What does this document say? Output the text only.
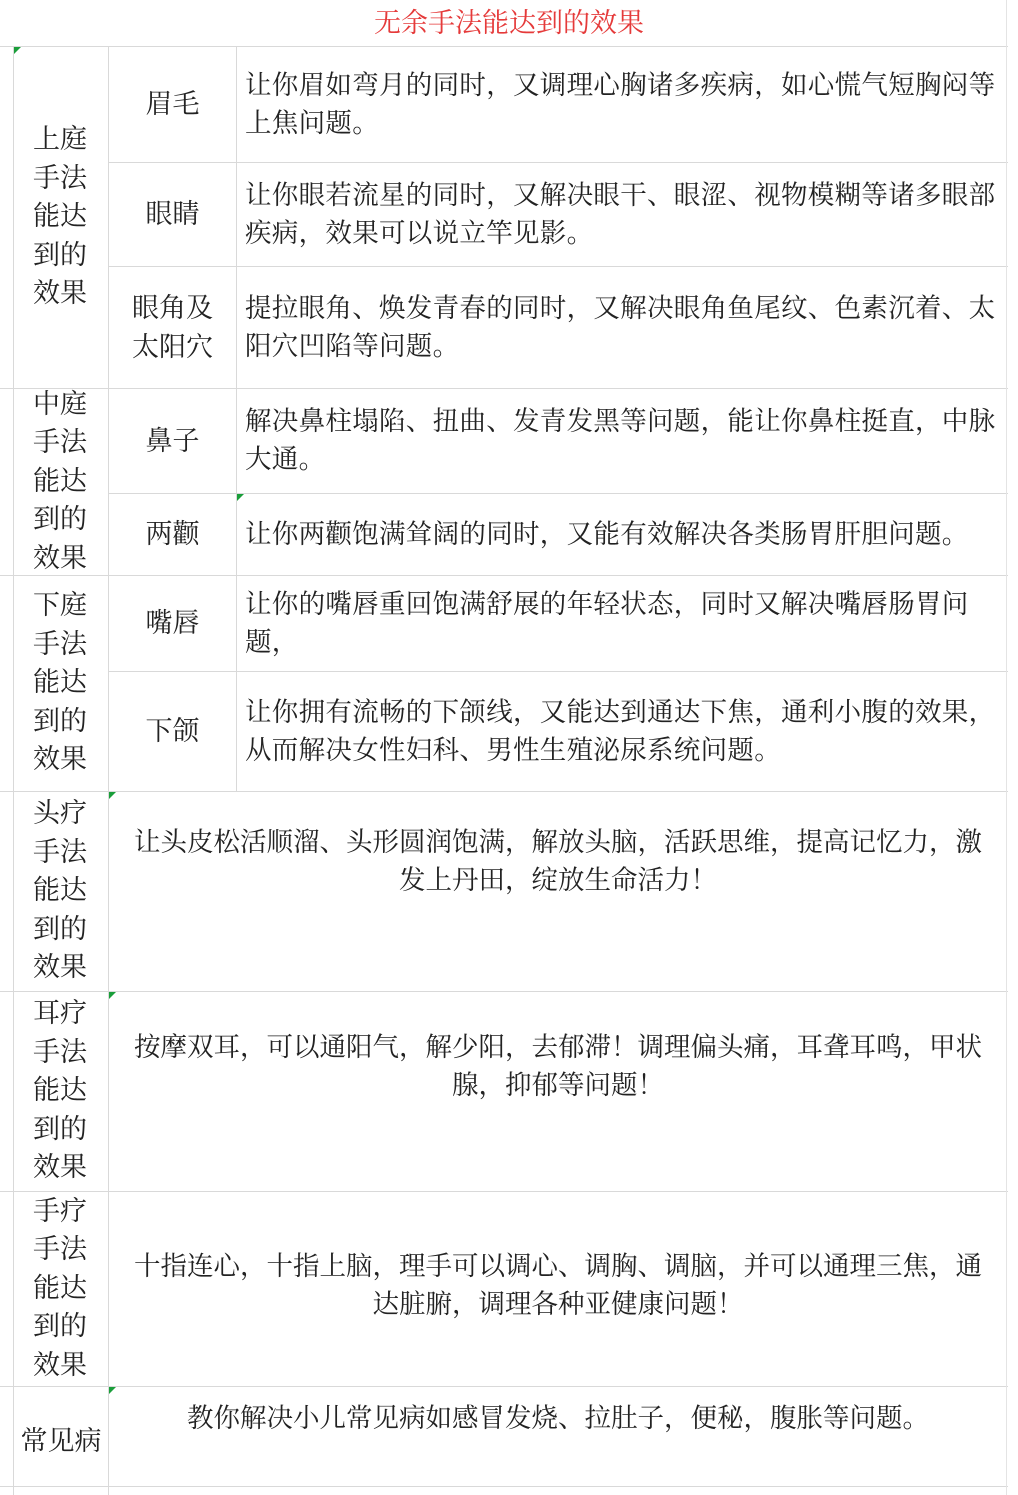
无余手法能达到的效果
上庭手法能达到的效果
眉毛
让你眉如弯月的同时，又调理心胸诸多疾病，如心慌气短胸闷等上焦问题。
眼睛
让你眼若流星的同时，又解决眼干、眼涩、视物模糊等诸多眼部疾病，效果可以说立竿见影。
眼角及太阳穴
提拉眼角、焕发青春的同时，又解决眼角鱼尾纹、色素沉着、太阳穴凹陷等问题。
中庭手法能达到的效果
鼻子
解决鼻柱塌陷、扭曲、发青发黑等问题，能让你鼻柱挺直，中脉大通。
两颧	让你两颧饱满耸阔的同时，又能有效解决各类肠胃肝胆问题。
下庭手法能达到的效果
嘴唇
让你的嘴唇重回饱满舒展的年轻状态，同时又解决嘴唇肠胃问题，
下颌
让你拥有流畅的下颌线，又能达到通达下焦，通利小腹的效果，从而解决女性妇科、男性生殖泌尿系统问题。
头疗手法能达到的效果
让头皮松活顺溜、头形圆润饱满，解放头脑，活跃思维，提高记忆力，激发上丹田，绽放生命活力！
耳疗手法能达到的效果
按摩双耳，可以通阳气，解少阳，去郁滞！调理偏头痛，耳聋耳鸣，甲状腺，抑郁等问题！
手疗手法能达到的效果
十指连心，十指上脑，理手可以调心、调胸、调脑，并可以通理三焦，通达脏腑，调理各种亚健康问题！
常见病
教你解决小儿常见病如感冒发烧、拉肚子，便秘，腹胀等问题。
